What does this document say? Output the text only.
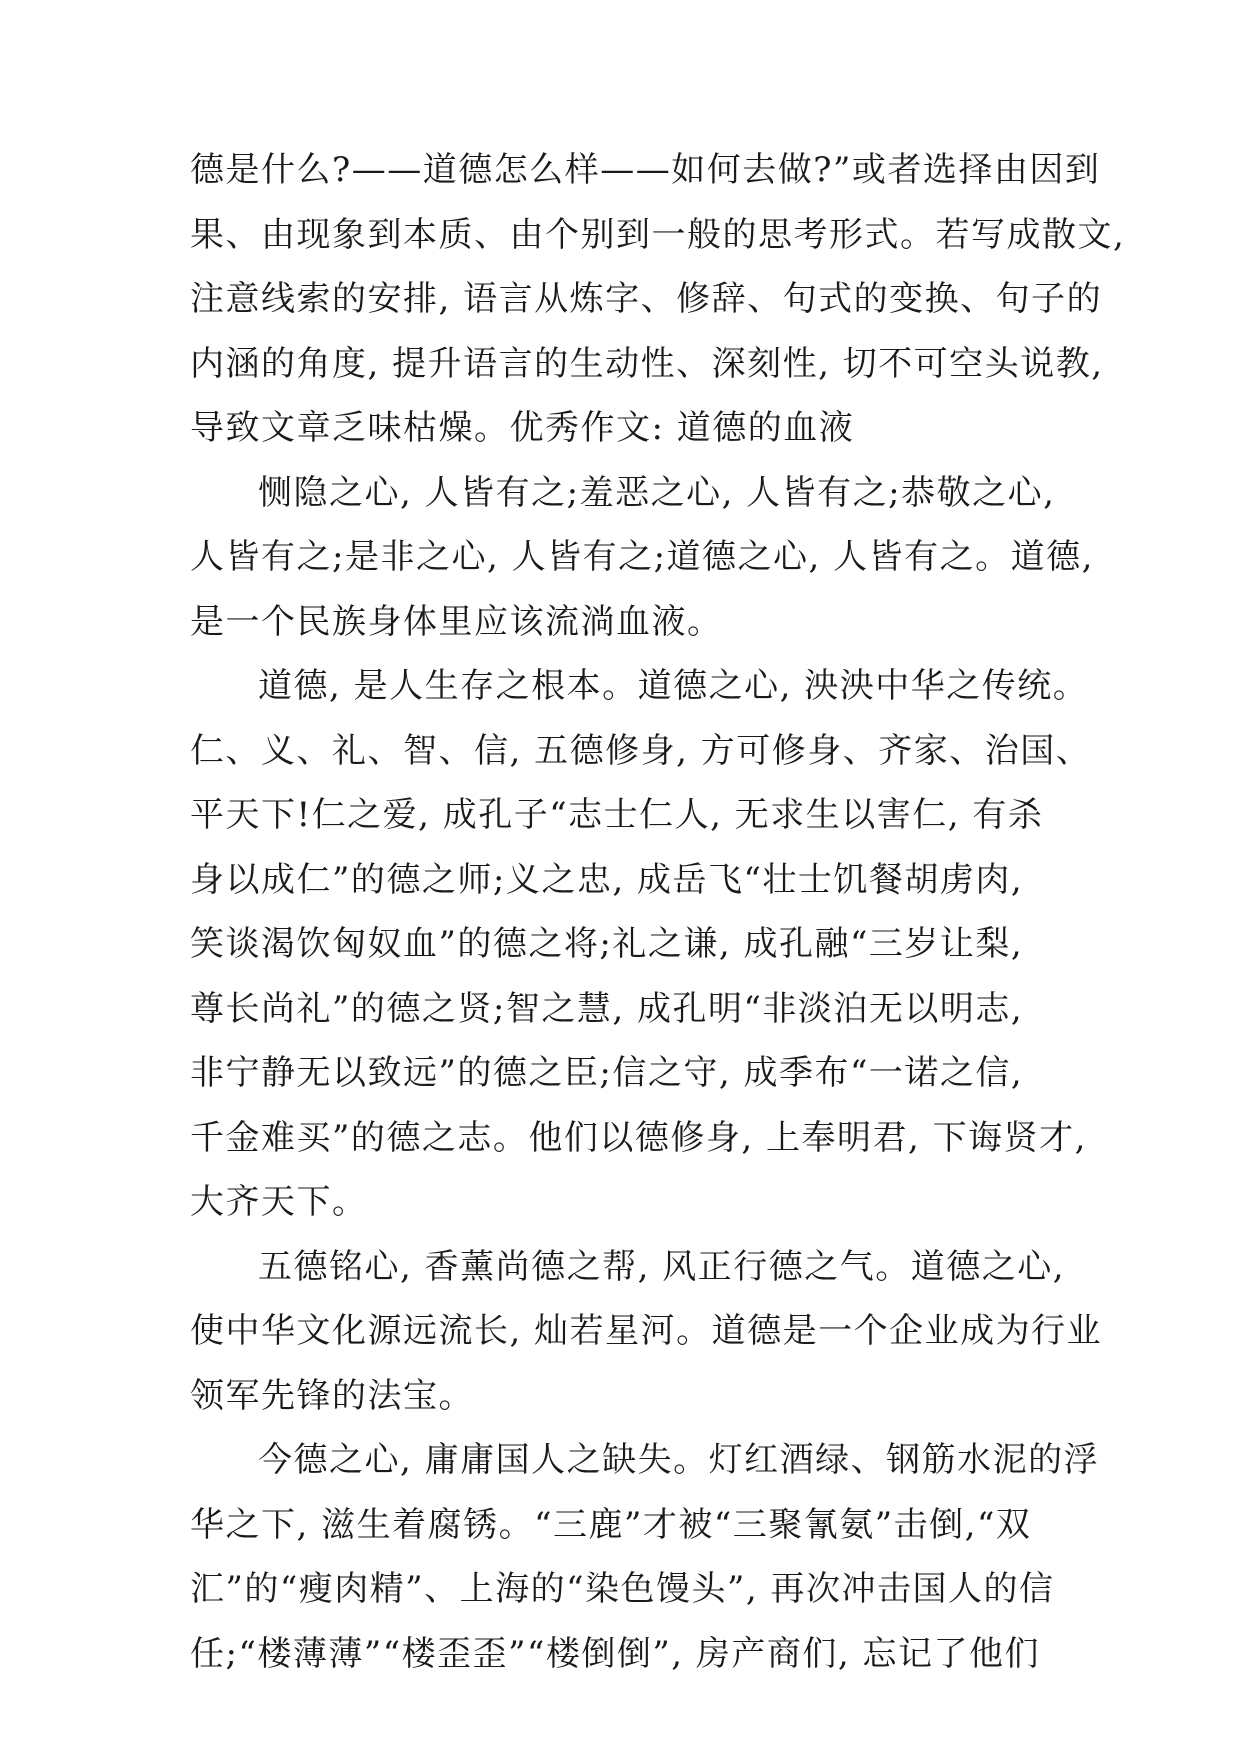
德是什么?——道德怎么样——如何去做?”或者选择由因到
果、由现象到本质、由个别到一般的思考形式。若写成散文,
注意线索的安排, 语言从炼字、修辞、句式的变换、句子的
内涵的角度, 提升语言的生动性、深刻性, 切不可空头说教,
导致文章乏味枯燥。优秀作文: 道德的血液
恻隐之心, 人皆有之;羞恶之心, 人皆有之;恭敬之心,
人皆有之;是非之心, 人皆有之;道德之心, 人皆有之。道德,
是一个民族身体里应该流淌血液。
道德, 是人生存之根本。道德之心, 泱泱中华之传统。
仁、义、礼、智、信, 五德修身, 方可修身、齐家、治国、
平天下!仁之爱, 成孔子“志士仁人, 无求生以害仁, 有杀
身以成仁”的德之师;义之忠, 成岳飞“壮士饥餐胡虏肉,
笑谈渴饮匈奴血”的德之将;礼之谦, 成孔融“三岁让梨,
尊长尚礼”的德之贤;智之慧, 成孔明“非淡泊无以明志,
非宁静无以致远”的德之臣;信之守, 成季布“一诺之信,
千金难买”的德之志。他们以德修身, 上奉明君, 下诲贤才,
大齐天下。
五德铭心, 香薰尚德之帮, 风正行德之气。道德之心,
使中华文化源远流长, 灿若星河。道德是一个企业成为行业
领军先锋的法宝。
今德之心, 庸庸国人之缺失。灯红酒绿、钢筋水泥的浮
华之下, 滋生着腐锈。“三鹿”才被“三聚氰氨”击倒,“双
汇”的“瘦肉精”、上海的“染色馒头”, 再次冲击国人的信
任;“楼薄薄”“楼歪歪”“楼倒倒”, 房产商们, 忘记了他们
